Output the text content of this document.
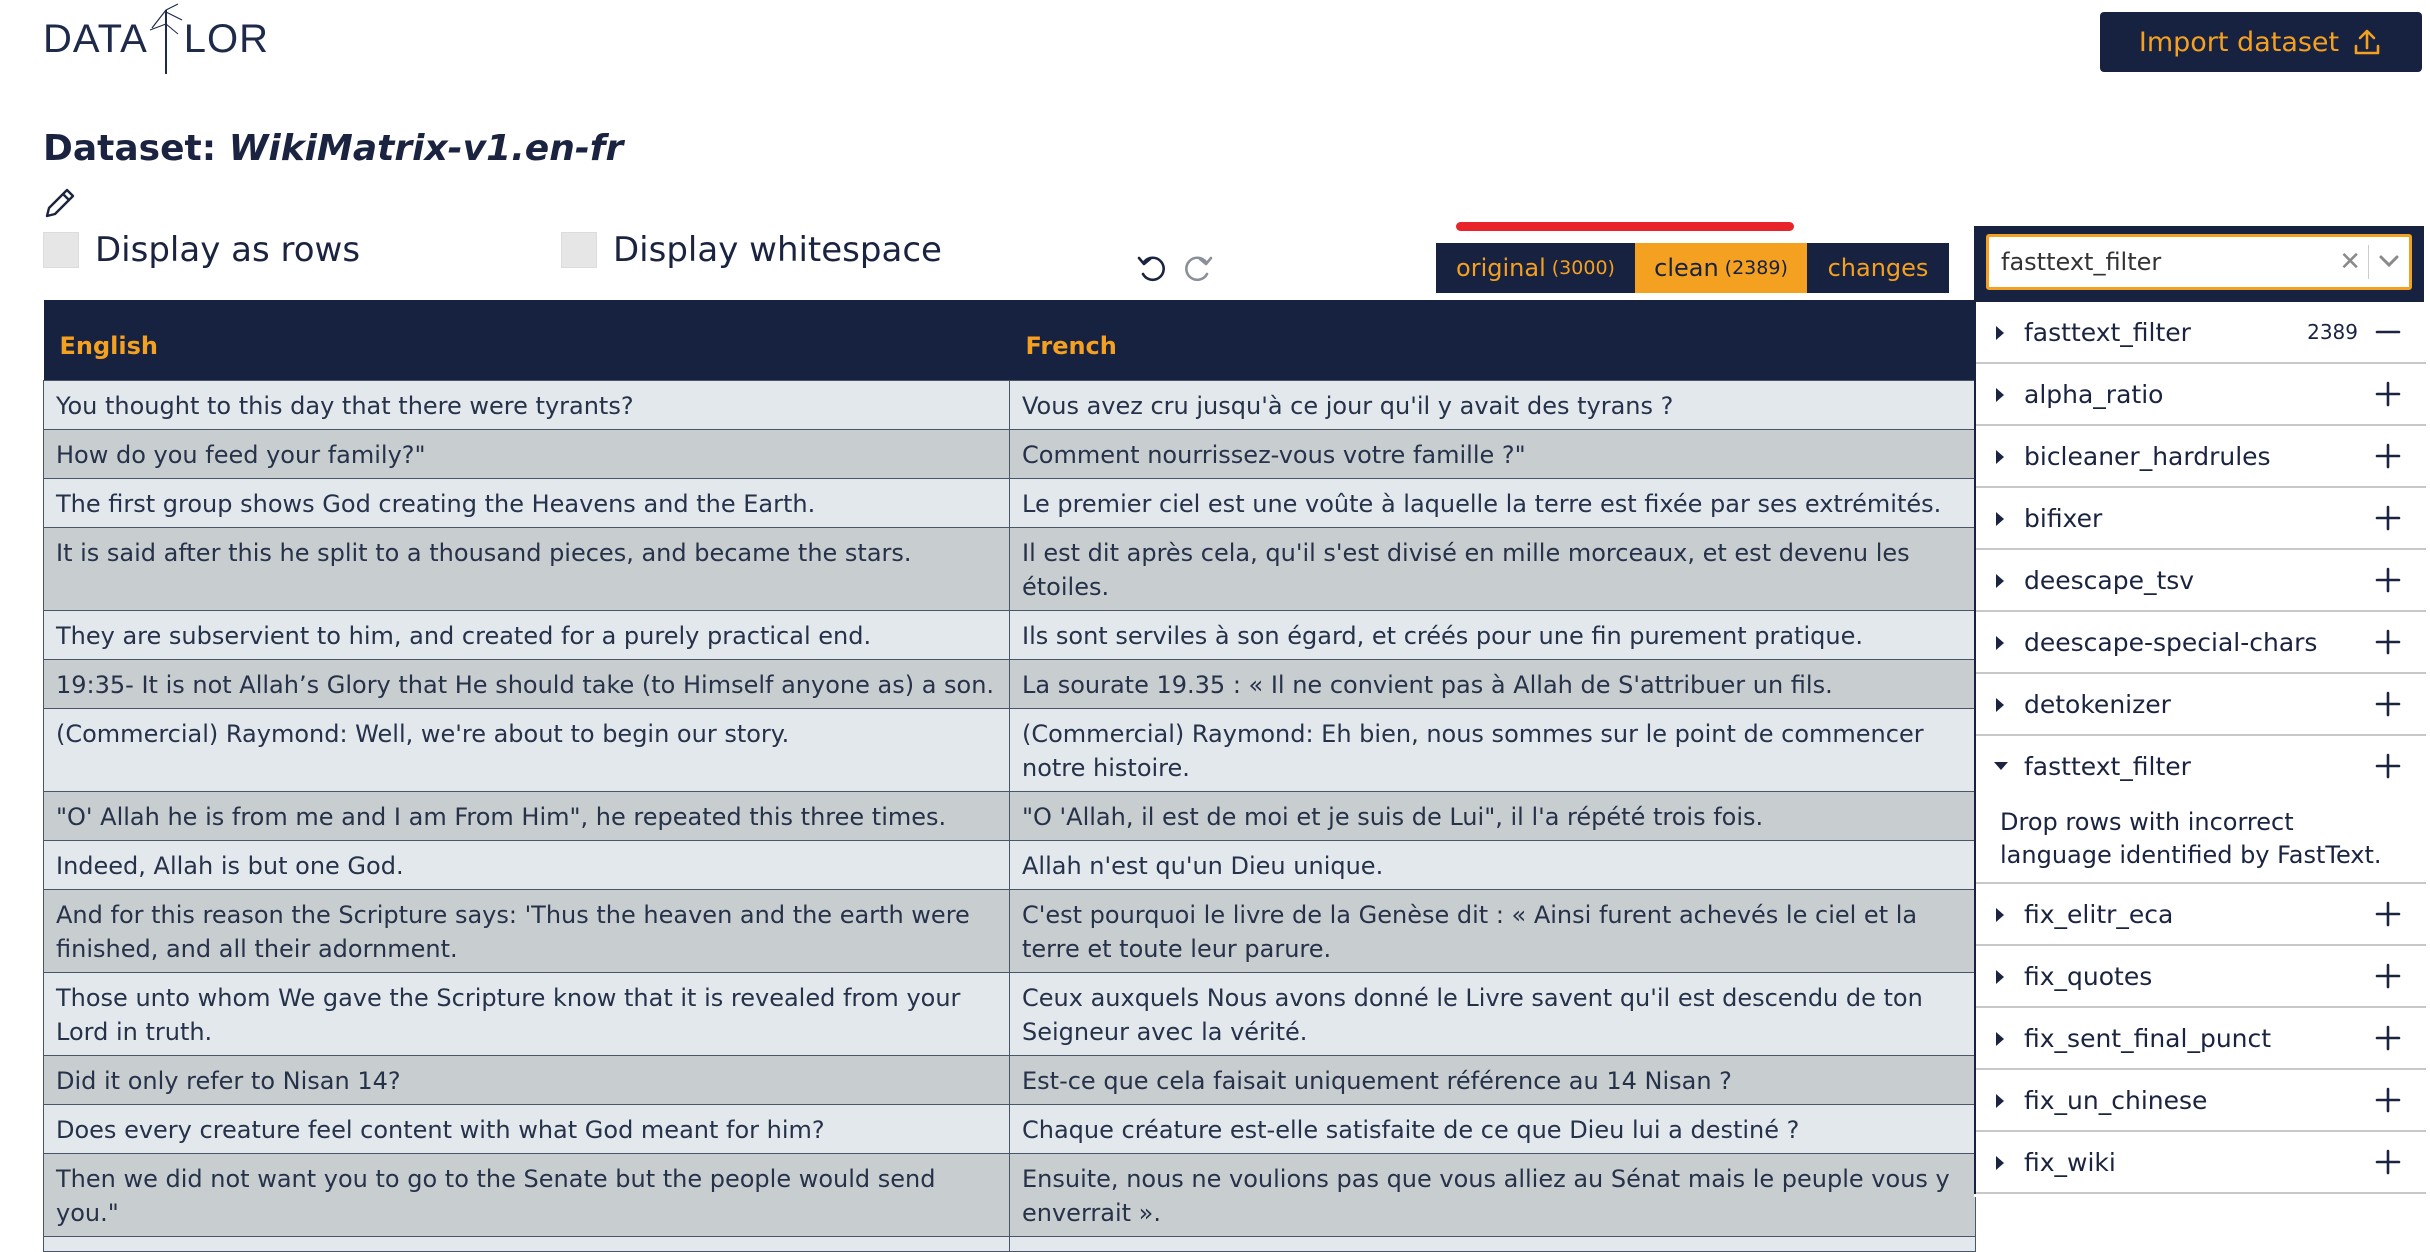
DATA LOR	Import dataset
Dataset: WikiMatrix-v1.en-fr
Display as rows	Display whitespace	original (3000) clean (2389) changes
English	French
You thought to this day that there were tyrants?	Vous avez cru jusqu'à ce jour qu'il y avait des tyrans ?
How do you feed your family?"	Comment nourrissez-vous votre famille ?"
The first group shows God creating the Heavens and the Earth.	Le premier ciel est une voûte à laquelle la terre est fixée par ses extrémités.
It is said after this he split to a thousand pieces, and became the stars.	Il est dit après cela, qu'il s'est divisé en mille morceaux, et est devenu les étoiles.
They are subservient to him, and created for a purely practical end.	Ils sont serviles à son égard, et créés pour une fin purement pratique.
19:35- It is not Allah’s Glory that He should take (to Himself anyone as) a son.	La sourate 19.35 : « Il ne convient pas à Allah de S'attribuer un fils.
(Commercial) Raymond: Well, we're about to begin our story.	(Commercial) Raymond: Eh bien, nous sommes sur le point de commencer notre histoire.
"O' Allah he is from me and I am From Him", he repeated this three times.	"O 'Allah, il est de moi et je suis de Lui", il l'a répété trois fois.
Indeed, Allah is but one God.	Allah n'est qu'un Dieu unique.
And for this reason the Scripture says: 'Thus the heaven and the earth were finished, and all their adornment.	C'est pourquoi le livre de la Genèse dit : « Ainsi furent achevés le ciel et la terre et toute leur parure.
Those unto whom We gave the Scripture know that it is revealed from your Lord in truth.	Ceux auxquels Nous avons donné le Livre savent qu'il est descendu de ton Seigneur avec la vérité.
Did it only refer to Nisan 14?	Est-ce que cela faisait uniquement référence au 14 Nisan ?
Does every creature feel content with what God meant for him?	Chaque créature est-elle satisfaite de ce que Dieu lui a destiné ?
Then we did not want you to go to the Senate but the people would send you."	Ensuite, nous ne voulions pas que vous alliez au Sénat mais le peuple vous y enverrait ».

fasttext_filter	✕
fasttext_filter	2389
alpha_ratio
bicleaner_hardrules
bifixer
deescape_tsv
deescape-special-chars
detokenizer
fasttext_filter
Drop rows with incorrect language identified by FastText.
fix_elitr_eca
fix_quotes
fix_sent_final_punct
fix_un_chinese
fix_wiki
